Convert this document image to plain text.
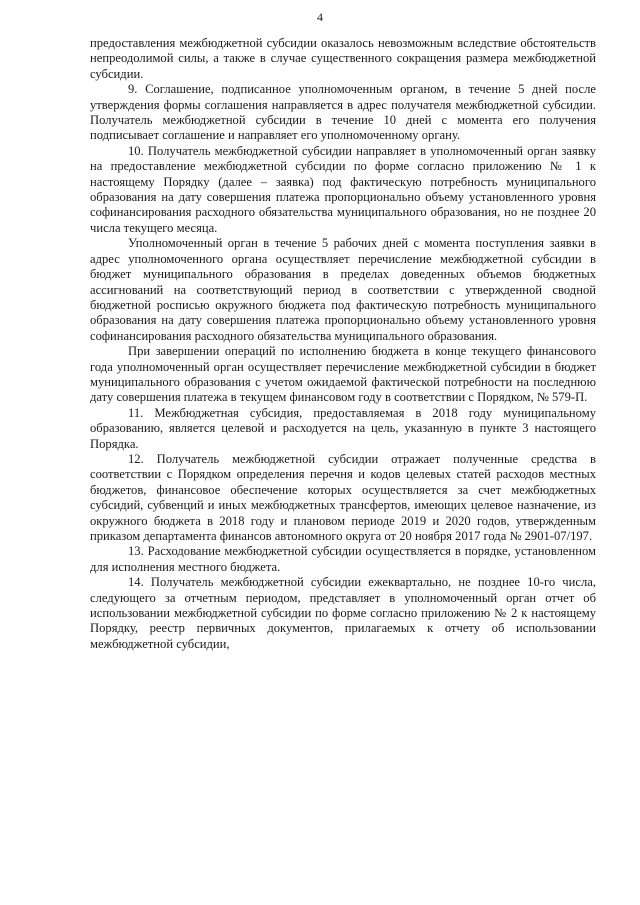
4

предоставления межбюджетной субсидии оказалось невозможным вследствие обстоятельств непреодолимой силы, а также в случае существенного сокращения размера межбюджетной субсидии.

9. Соглашение, подписанное уполномоченным органом, в течение 5 дней после утверждения формы соглашения направляется в адрес получателя межбюджетной субсидии. Получатель межбюджетной субсидии в течение 10 дней с момента его получения подписывает соглашение и направляет его уполномоченному органу.

10. Получатель межбюджетной субсидии направляет в уполномоченный орган заявку на предоставление межбюджетной субсидии по форме согласно приложению № 1 к настоящему Порядку (далее – заявка) под фактическую потребность муниципального образования на дату совершения платежа пропорционально объему установленного уровня софинансирования расходного обязательства муниципального образования, но не позднее 20 числа текущего месяца.

Уполномоченный орган в течение 5 рабочих дней с момента поступления заявки в адрес уполномоченного органа осуществляет перечисление межбюджетной субсидии в бюджет муниципального образования в пределах доведенных объемов бюджетных ассигнований на соответствующий период в соответствии с утвержденной сводной бюджетной росписью окружного бюджета под фактическую потребность муниципального образования на дату совершения платежа пропорционально объему установленного уровня софинансирования расходного обязательства муниципального образования.

При завершении операций по исполнению бюджета в конце текущего финансового года уполномоченный орган осуществляет перечисление межбюджетной субсидии в бюджет муниципального образования с учетом ожидаемой фактической потребности на последнюю дату совершения платежа в текущем финансовом году в соответствии с Порядком, № 579-П.

11. Межбюджетная субсидия, предоставляемая в 2018 году муниципальному образованию, является целевой и расходуется на цель, указанную в пункте 3 настоящего Порядка.

12. Получатель межбюджетной субсидии отражает полученные средства в соответствии с Порядком определения перечня и кодов целевых статей расходов местных бюджетов, финансовое обеспечение которых осуществляется за счет межбюджетных субсидий, субвенций и иных межбюджетных трансфертов, имеющих целевое назначение, из окружного бюджета в 2018 году и плановом периоде 2019 и 2020 годов, утвержденным приказом департамента финансов автономного округа от 20 ноября 2017 года № 2901-07/197.

13. Расходование межбюджетной субсидии осуществляется в порядке, установленном для исполнения местного бюджета.

14. Получатель межбюджетной субсидии ежеквартально, не позднее 10-го числа, следующего за отчетным периодом, представляет в уполномоченный орган отчет об использовании межбюджетной субсидии по форме согласно приложению № 2 к настоящему Порядку, реестр первичных документов, прилагаемых к отчету об использовании межбюджетной субсидии,
